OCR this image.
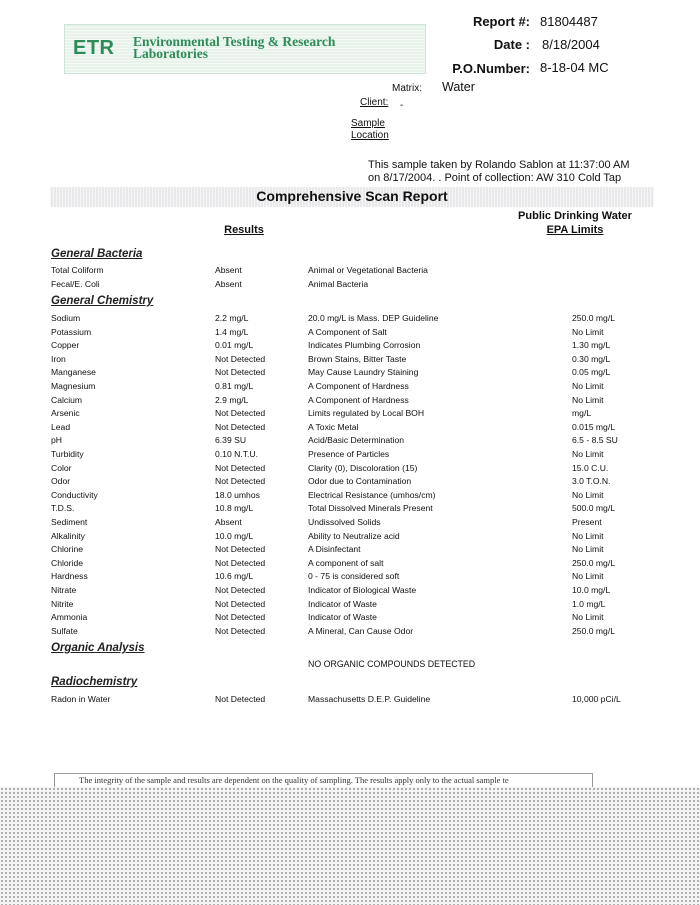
ETR Environmental Testing & Research
Laboratories
Report #: 81804487
Date : 8/18/2004
P.O.Number: 8-18-04 MC
Matrix: Water
Client: -
Sample
Location
This sample taken by Rolando Sablon at 11:37:00 AM
on 8/17/2004. . Point of collection: AW 310 Cold Tap
Comprehensive Scan Report
Results
Public Drinking Water
EPA Limits
General Bacteria
Total Coliform	Absent	Animal or Vegetational Bacteria
Fecal/E. Coli	Absent	Animal Bacteria
General Chemistry
Sodium	2.2 mg/L	20.0 mg/L is Mass. DEP Guideline	250.0 mg/L
Potassium	1.4 mg/L	A Component of Salt	No Limit
Copper	0.01 mg/L	Indicates Plumbing Corrosion	1.30 mg/L
Iron	Not Detected	Brown Stains, Bitter Taste	0.30 mg/L
Manganese	Not Detected	May Cause Laundry Staining	0.05 mg/L
Magnesium	0.81 mg/L	A Component of Hardness	No Limit
Calcium	2.9 mg/L	A Component of Hardness	No Limit
Arsenic	Not Detected	Limits regulated by Local BOH	mg/L
Lead	Not Detected	A Toxic Metal	0.015 mg/L
pH	6.39 SU	Acid/Basic Determination	6.5 - 8.5 SU
Turbidity	0.10 N.T.U.	Presence of Particles	No Limit
Color	Not Detected	Clarity (0), Discoloration (15)	15.0 C.U.
Odor	Not Detected	Odor due to Contamination	3.0 T.O.N.
Conductivity	18.0 umhos	Electrical Resistance (umhos/cm)	No Limit
T.D.S.	10.8 mg/L	Total Dissolved Minerals Present	500.0 mg/L
Sediment	Absent	Undissolved Solids	Present
Alkalinity	10.0 mg/L	Ability to Neutralize acid	No Limit
Chlorine	Not Detected	A Disinfectant	No Limit
Chloride	Not Detected	A component of salt	250.0 mg/L
Hardness	10.6 mg/L	0 - 75 is considered soft	No Limit
Nitrate	Not Detected	Indicator of Biological Waste	10.0 mg/L
Nitrite	Not Detected	Indicator of Waste	1.0 mg/L
Ammonia	Not Detected	Indicator of Waste	No Limit
Sulfate	Not Detected	A Mineral, Can Cause Odor	250.0 mg/L
Organic Analysis
NO ORGANIC COMPOUNDS DETECTED
Radiochemistry
Radon in Water	Not Detected	Massachusetts D.E.P. Guideline	10,000 pCi/L
The integrity of the sample and results are dependent on the quality of sampling. The results apply only to the actual sample te
